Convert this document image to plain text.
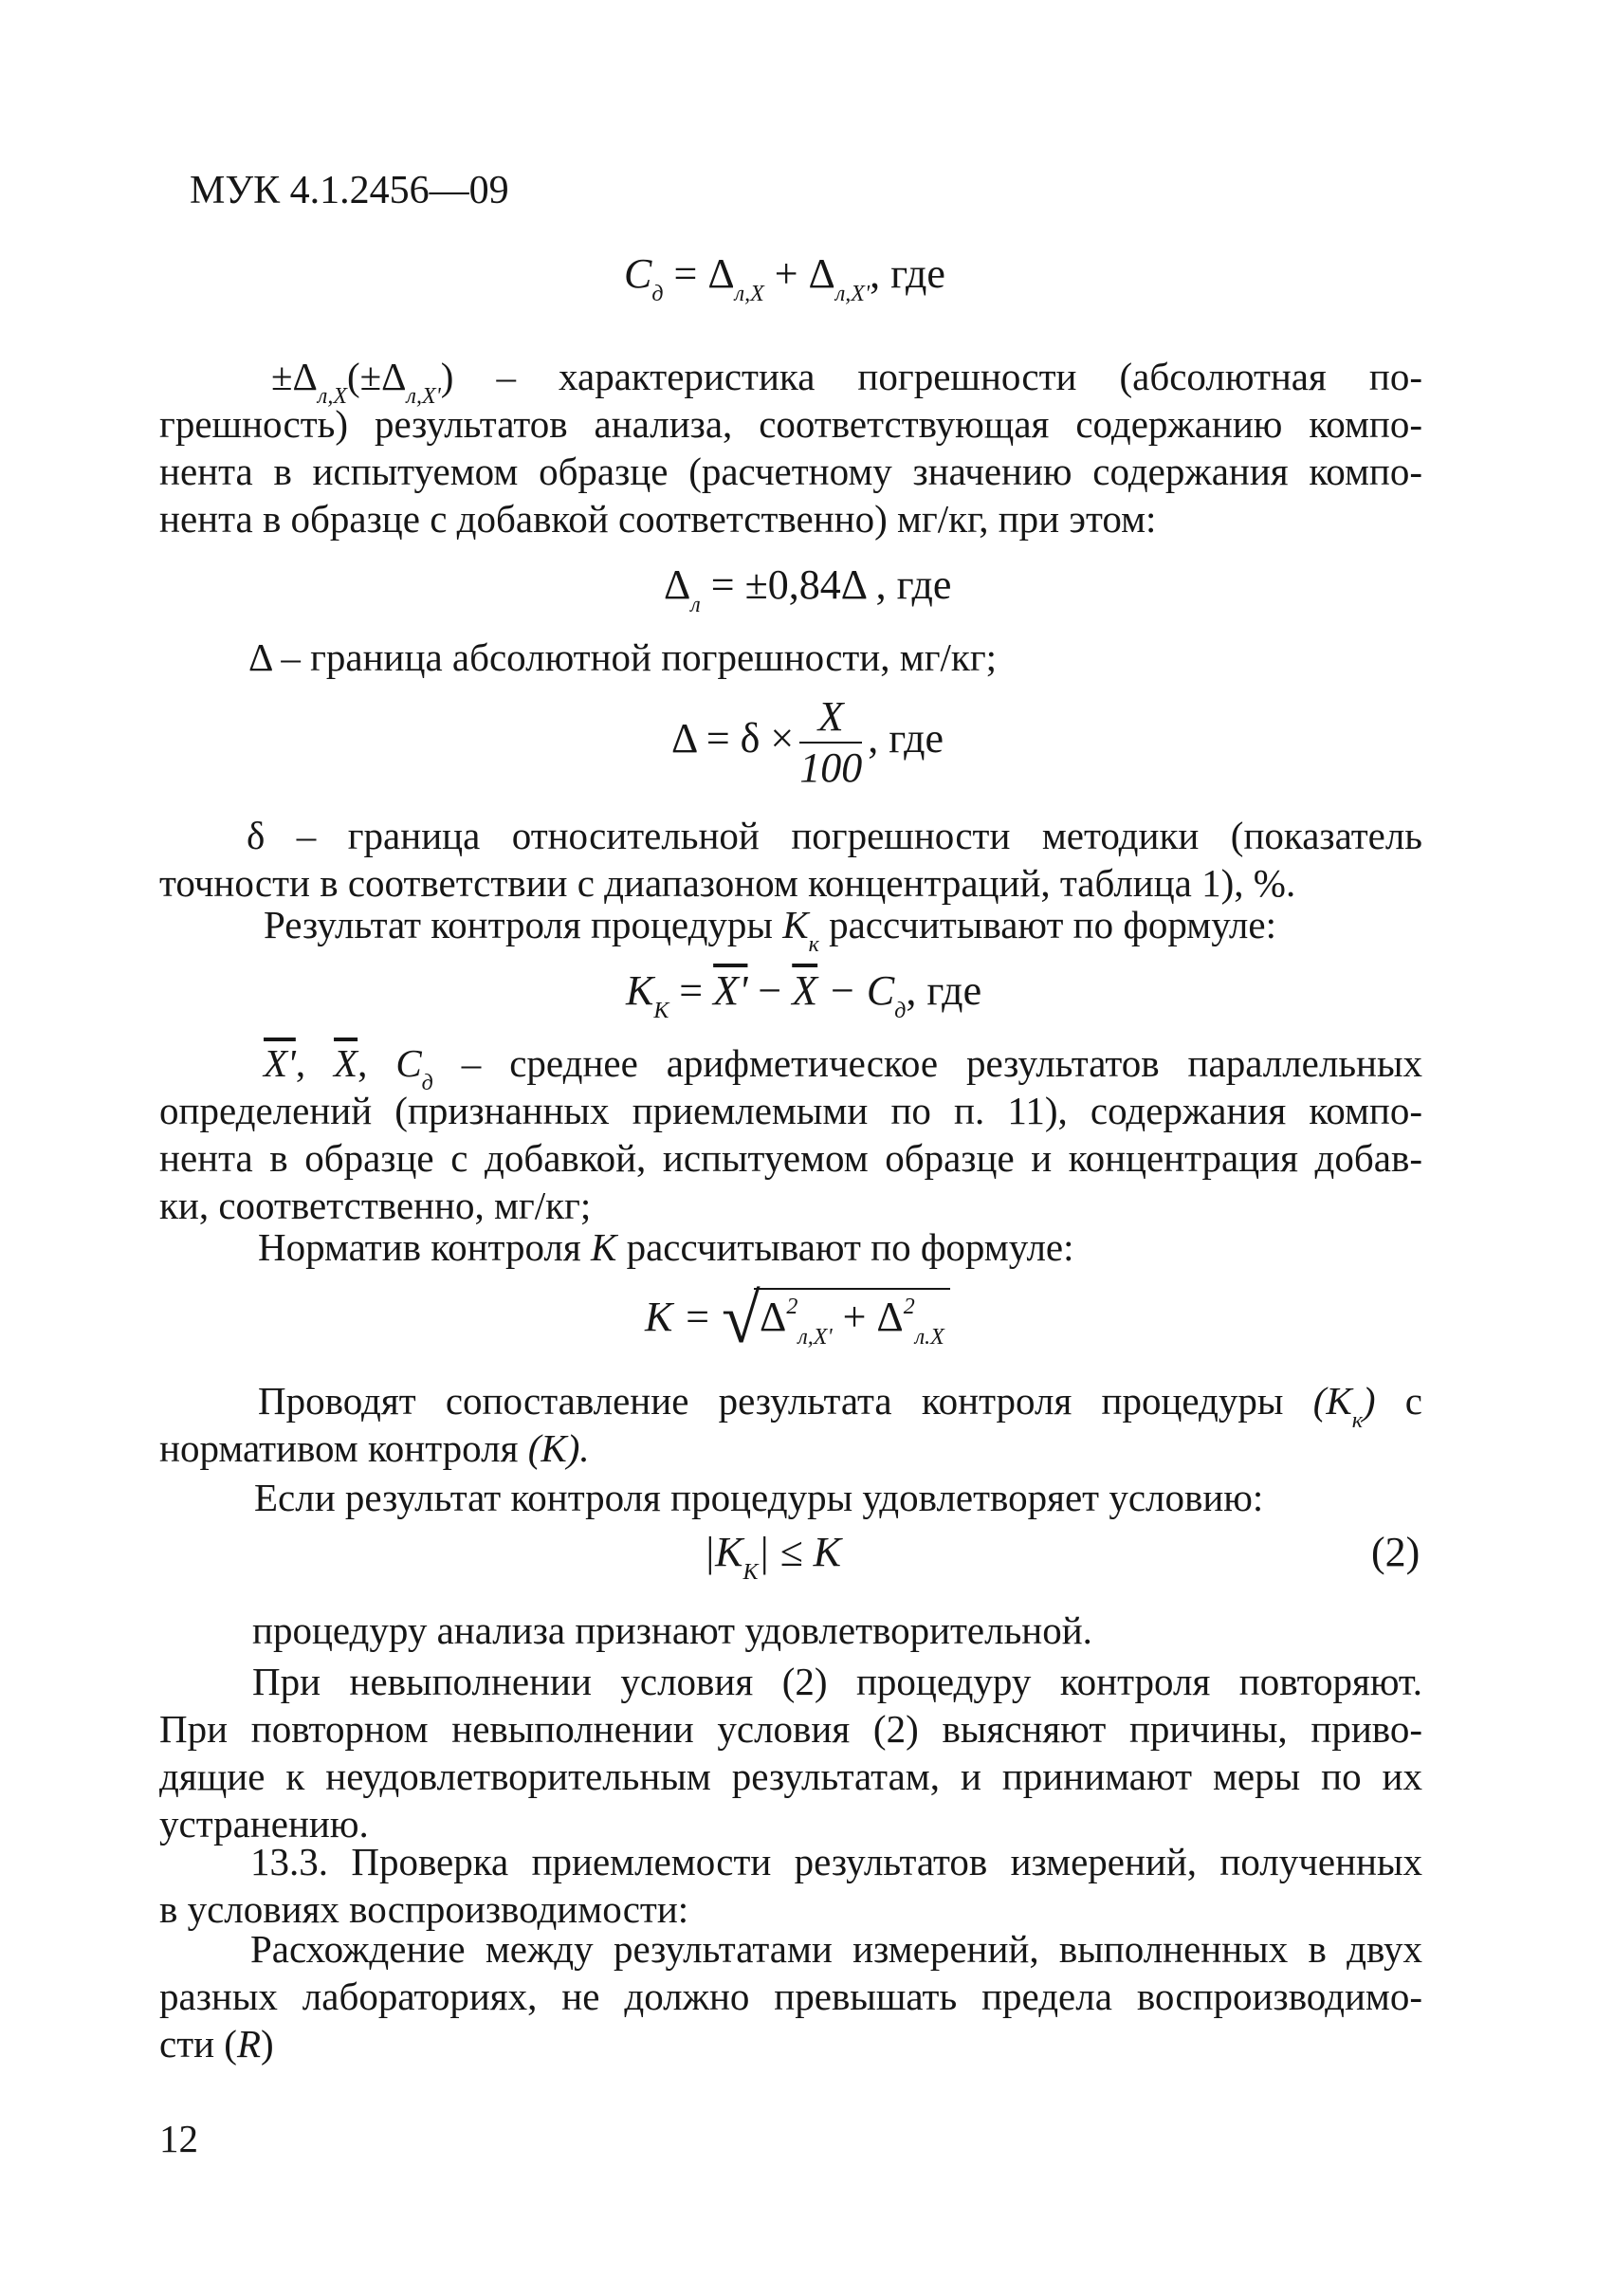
МУК 4.1.2456—09
$C_д = \Delta_{л,X} + \Delta_{л,X'}$, где
$\pm\Delta_{л,X}(\pm\Delta_{л,X'})$ – характеристика погрешности (абсолютная по-
грешность) результатов анализа, соответствующая содержанию компо-
нента в испытуемом образце (расчетному значению содержания компо-
нента в образце с добавкой соответственно) мг/кг, при этом:
$\Delta_л = \pm 0,84\Delta$ , где
Δ – граница абсолютной погрешности, мг/кг;
$\Delta = \delta \times \frac{X}{100}$ , где
δ – граница относительной погрешности методики (показатель
точности в соответствии с диапазоном концентраций, таблица 1), %.
Результат контроля процедуры $K_к$ рассчитывают по формуле:
$K_К = X' - \overline{X} - C_д$, где
X', $\overline{X}$, $C_д$ – среднее арифметическое результатов параллельных
определений (признанных приемлемыми по п. 11), содержания компо-
нента в образце с добавкой, испытуемом образце и концентрация добав-
ки, соответственно, мг/кг;
Норматив контроля K рассчитывают по формуле:
K = √ $\Delta^2_{л,X'} + \Delta^2_{л.X}$
Проводят сопоставление результата контроля процедуры $(K_к)$ с
нормативом контроля (K).
Если результат контроля процедуры удовлетворяет условию:
$|K_К| \le K$	(2)
процедуру анализа признают удовлетворительной.
При невыполнении условия (2) процедуру контроля повторяют.
При повторном невыполнении условия (2) выясняют причины, приво-
дящие к неудовлетворительным результатам, и принимают меры по их
устранению.
13.3. Проверка приемлемости результатов измерений, полученных
в условиях воспроизводимости:
Расхождение между результатами измерений, выполненных в двух
разных лабораториях, не должно превышать предела воспроизводимо-
сти (R)
12
